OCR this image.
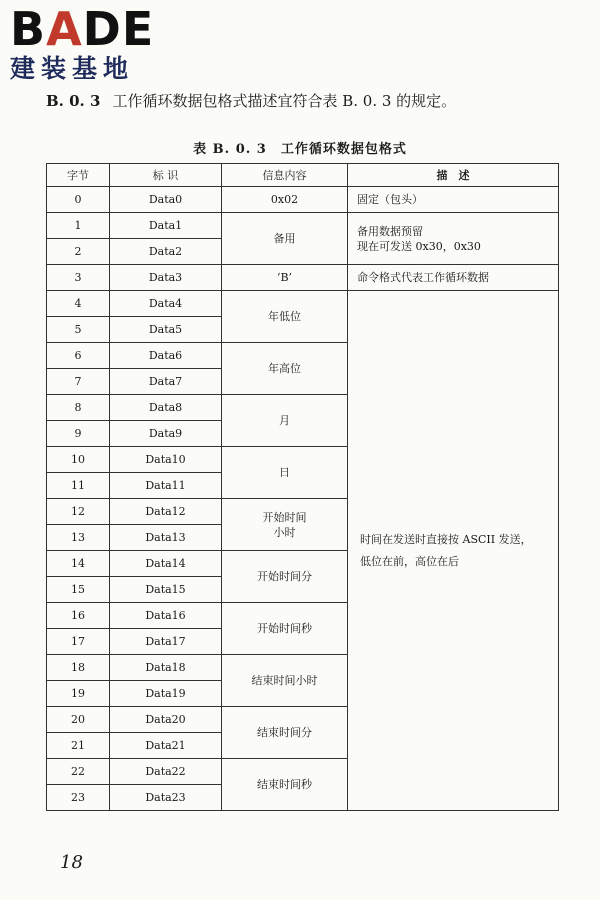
BADE
建装基地
B. 0. 3 工作循环数据包格式描述宜符合表 B. 0. 3 的规定。
表 B. 0. 3　工作循环数据包格式
字节	标 识	信息内容	描　述
0	Data0	0x02	固定（包头）
1	Data1	备用	备用数据预留
现在可发送 0x30，0x30

2	Data2		
3	Data3	‘B’	命令格式代表工作循环数据
4	Data4	年低位	时间在发送时直接按 ASCII 发送，
低位在前，高位在后

5	Data5		
6	Data6	年高位	
7	Data7		
8	Data8	月	
9	Data9		
10	Data10	日	
11	Data11		
12	Data12	开始时间
小时	

13	Data13		
14	Data14	开始时间分	
15	Data15		
16	Data16	开始时间秒	
17	Data17		
18	Data18	结束时间小时	
19	Data19		
20	Data20	结束时间分	
21	Data21		
22	Data22	结束时间秒	
23	Data23		
18
